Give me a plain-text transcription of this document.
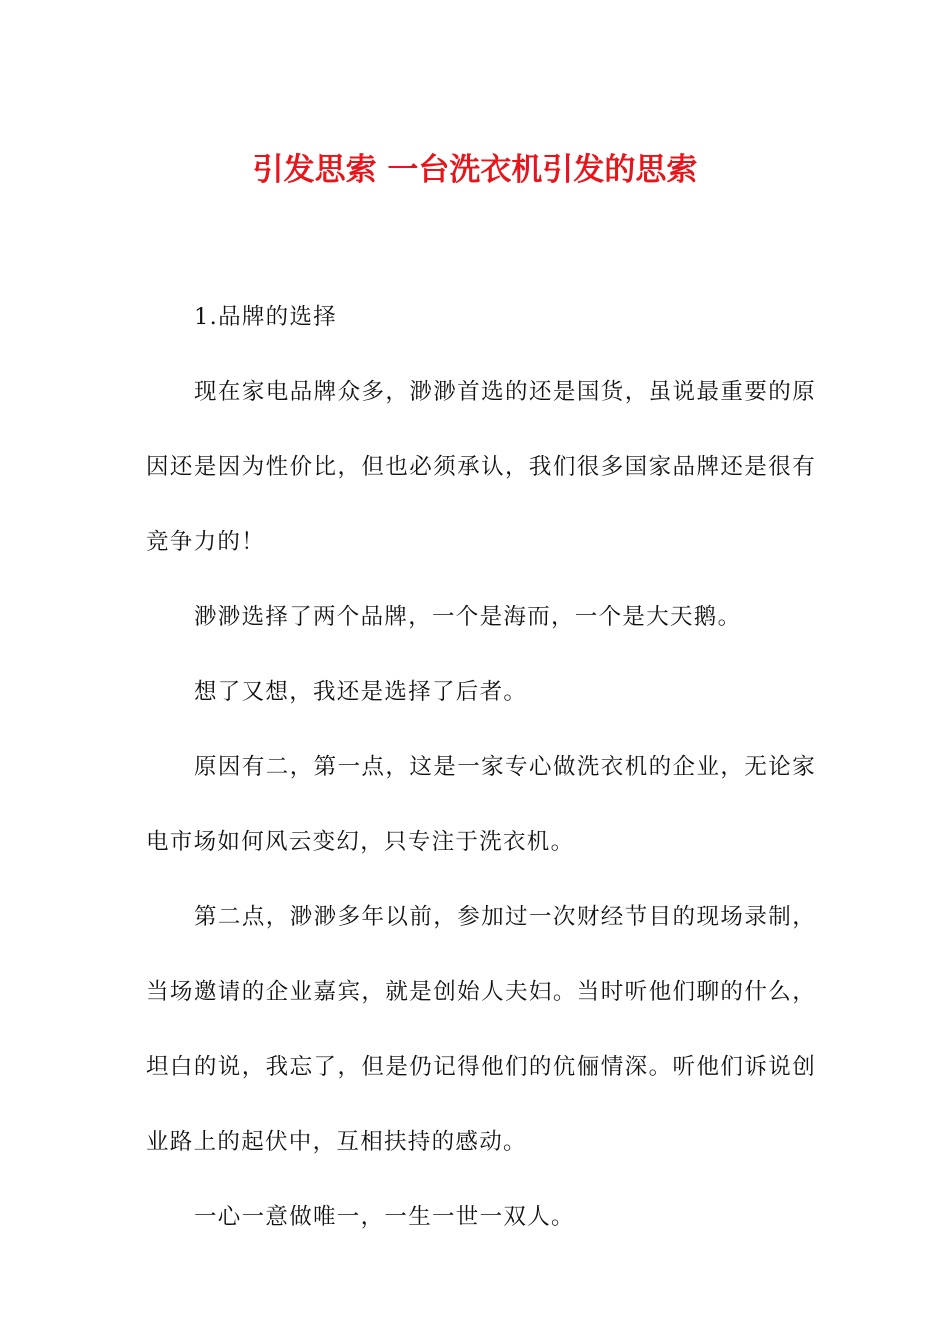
引发思索 一台洗衣机引发的思索

1.品牌的选择

现在家电品牌众多，渺渺首选的还是国货，虽说最重要的原因还是因为性价比，但也必须承认，我们很多国家品牌还是很有竞争力的！

渺渺选择了两个品牌，一个是海而，一个是大天鹅。

想了又想，我还是选择了后者。

原因有二，第一点，这是一家专心做洗衣机的企业，无论家电市场如何风云变幻，只专注于洗衣机。

第二点，渺渺多年以前，参加过一次财经节目的现场录制，当场邀请的企业嘉宾，就是创始人夫妇。当时听他们聊的什么，坦白的说，我忘了，但是仍记得他们的伉俪情深。听他们诉说创业路上的起伏中，互相扶持的感动。

一心一意做唯一，一生一世一双人。
